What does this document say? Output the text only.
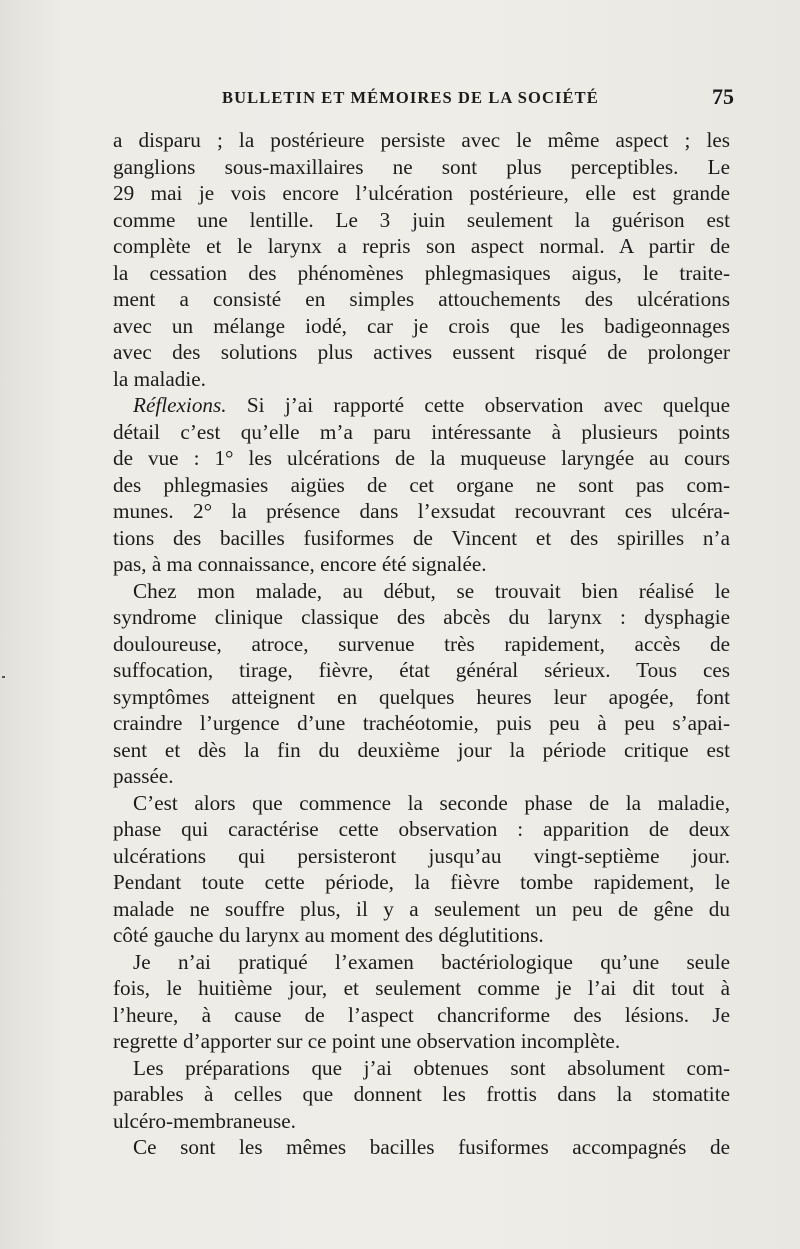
BULLETIN ET MÉMOIRES DE LA SOCIÉTÉ	75
a disparu ; la postérieure persiste avec le même aspect ; les
ganglions sous-maxillaires ne sont plus perceptibles. Le
29 mai je vois encore l’ulcération postérieure, elle est grande
comme une lentille. Le 3 juin seulement la guérison est
complète et le larynx a repris son aspect normal. A partir de
la cessation des phénomènes phlegmasiques aigus, le traite-
ment a consisté en simples attouchements des ulcérations
avec un mélange iodé, car je crois que les badigeonnages
avec des solutions plus actives eussent risqué de prolonger
la maladie.
Réflexions. Si j’ai rapporté cette observation avec quelque
détail c’est qu’elle m’a paru intéressante à plusieurs points
de vue : 1° les ulcérations de la muqueuse laryngée au cours
des phlegmasies aigües de cet organe ne sont pas com-
munes. 2° la présence dans l’exsudat recouvrant ces ulcéra-
tions des bacilles fusiformes de Vincent et des spirilles n’a
pas, à ma connaissance, encore été signalée.
Chez mon malade, au début, se trouvait bien réalisé le
syndrome clinique classique des abcès du larynx : dysphagie
douloureuse, atroce, survenue très rapidement, accès de
suffocation, tirage, fièvre, état général sérieux. Tous ces
symptômes atteignent en quelques heures leur apogée, font
craindre l’urgence d’une trachéotomie, puis peu à peu s’apai-
sent et dès la fin du deuxième jour la période critique est
passée.
C’est alors que commence la seconde phase de la maladie,
phase qui caractérise cette observation : apparition de deux
ulcérations qui persisteront jusqu’au vingt-septième jour.
Pendant toute cette période, la fièvre tombe rapidement, le
malade ne souffre plus, il y a seulement un peu de gêne du
côté gauche du larynx au moment des déglutitions.
Je n’ai pratiqué l’examen bactériologique qu’une seule
fois, le huitième jour, et seulement comme je l’ai dit tout à
l’heure, à cause de l’aspect chancriforme des lésions. Je
regrette d’apporter sur ce point une observation incomplète.
Les préparations que j’ai obtenues sont absolument com-
parables à celles que donnent les frottis dans la stomatite
ulcéro-membraneuse.
Ce sont les mêmes bacilles fusiformes accompagnés de
